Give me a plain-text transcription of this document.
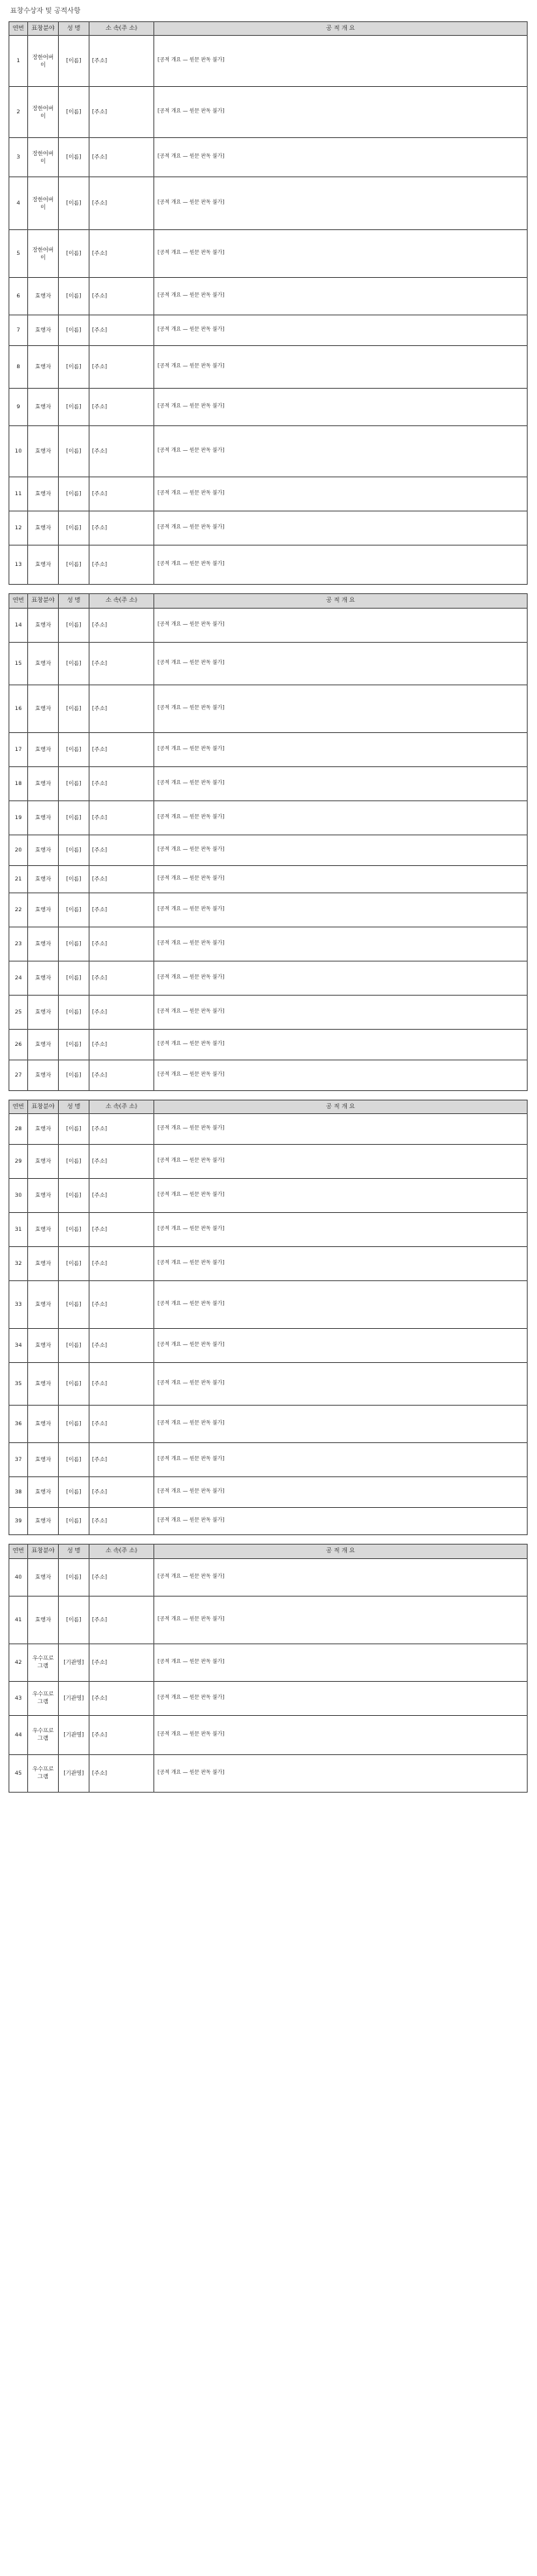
표창수상자 및 공적사항
연번	표창분야	성 명	소 속(주 소)	공 적 개 요
1	장한어버이	[이름]	[주소]	[공적 개요 — 원문 판독 불가]
2	장한어버이	[이름]	[주소]	[공적 개요 — 원문 판독 불가]
3	장한어버이	[이름]	[주소]	[공적 개요 — 원문 판독 불가]
4	장한어버이	[이름]	[주소]	[공적 개요 — 원문 판독 불가]
5	장한어버이	[이름]	[주소]	[공적 개요 — 원문 판독 불가]
6	효행자	[이름]	[주소]	[공적 개요 — 원문 판독 불가]
7	효행자	[이름]	[주소]	[공적 개요 — 원문 판독 불가]
8	효행자	[이름]	[주소]	[공적 개요 — 원문 판독 불가]
9	효행자	[이름]	[주소]	[공적 개요 — 원문 판독 불가]
10	효행자	[이름]	[주소]	[공적 개요 — 원문 판독 불가]
11	효행자	[이름]	[주소]	[공적 개요 — 원문 판독 불가]
12	효행자	[이름]	[주소]	[공적 개요 — 원문 판독 불가]
13	효행자	[이름]	[주소]	[공적 개요 — 원문 판독 불가]
연번	표창분야	성 명	소 속(주 소)	공 적 개 요
14	효행자	[이름]	[주소]	[공적 개요 — 원문 판독 불가]
15	효행자	[이름]	[주소]	[공적 개요 — 원문 판독 불가]
16	효행자	[이름]	[주소]	[공적 개요 — 원문 판독 불가]
17	효행자	[이름]	[주소]	[공적 개요 — 원문 판독 불가]
18	효행자	[이름]	[주소]	[공적 개요 — 원문 판독 불가]
19	효행자	[이름]	[주소]	[공적 개요 — 원문 판독 불가]
20	효행자	[이름]	[주소]	[공적 개요 — 원문 판독 불가]
21	효행자	[이름]	[주소]	[공적 개요 — 원문 판독 불가]
22	효행자	[이름]	[주소]	[공적 개요 — 원문 판독 불가]
23	효행자	[이름]	[주소]	[공적 개요 — 원문 판독 불가]
24	효행자	[이름]	[주소]	[공적 개요 — 원문 판독 불가]
25	효행자	[이름]	[주소]	[공적 개요 — 원문 판독 불가]
26	효행자	[이름]	[주소]	[공적 개요 — 원문 판독 불가]
27	효행자	[이름]	[주소]	[공적 개요 — 원문 판독 불가]
연번	표창분야	성 명	소 속(주 소)	공 적 개 요
28	효행자	[이름]	[주소]	[공적 개요 — 원문 판독 불가]
29	효행자	[이름]	[주소]	[공적 개요 — 원문 판독 불가]
30	효행자	[이름]	[주소]	[공적 개요 — 원문 판독 불가]
31	효행자	[이름]	[주소]	[공적 개요 — 원문 판독 불가]
32	효행자	[이름]	[주소]	[공적 개요 — 원문 판독 불가]
33	효행자	[이름]	[주소]	[공적 개요 — 원문 판독 불가]
34	효행자	[이름]	[주소]	[공적 개요 — 원문 판독 불가]
35	효행자	[이름]	[주소]	[공적 개요 — 원문 판독 불가]
36	효행자	[이름]	[주소]	[공적 개요 — 원문 판독 불가]
37	효행자	[이름]	[주소]	[공적 개요 — 원문 판독 불가]
38	효행자	[이름]	[주소]	[공적 개요 — 원문 판독 불가]
39	효행자	[이름]	[주소]	[공적 개요 — 원문 판독 불가]
연번	표창분야	성 명	소 속(주 소)	공 적 개 요
40	효행자	[이름]	[주소]	[공적 개요 — 원문 판독 불가]
41	효행자	[이름]	[주소]	[공적 개요 — 원문 판독 불가]
42	우수프로그램	[기관명]	[주소]	[공적 개요 — 원문 판독 불가]
43	우수프로그램	[기관명]	[주소]	[공적 개요 — 원문 판독 불가]
44	우수프로그램	[기관명]	[주소]	[공적 개요 — 원문 판독 불가]
45	우수프로그램	[기관명]	[주소]	[공적 개요 — 원문 판독 불가]
